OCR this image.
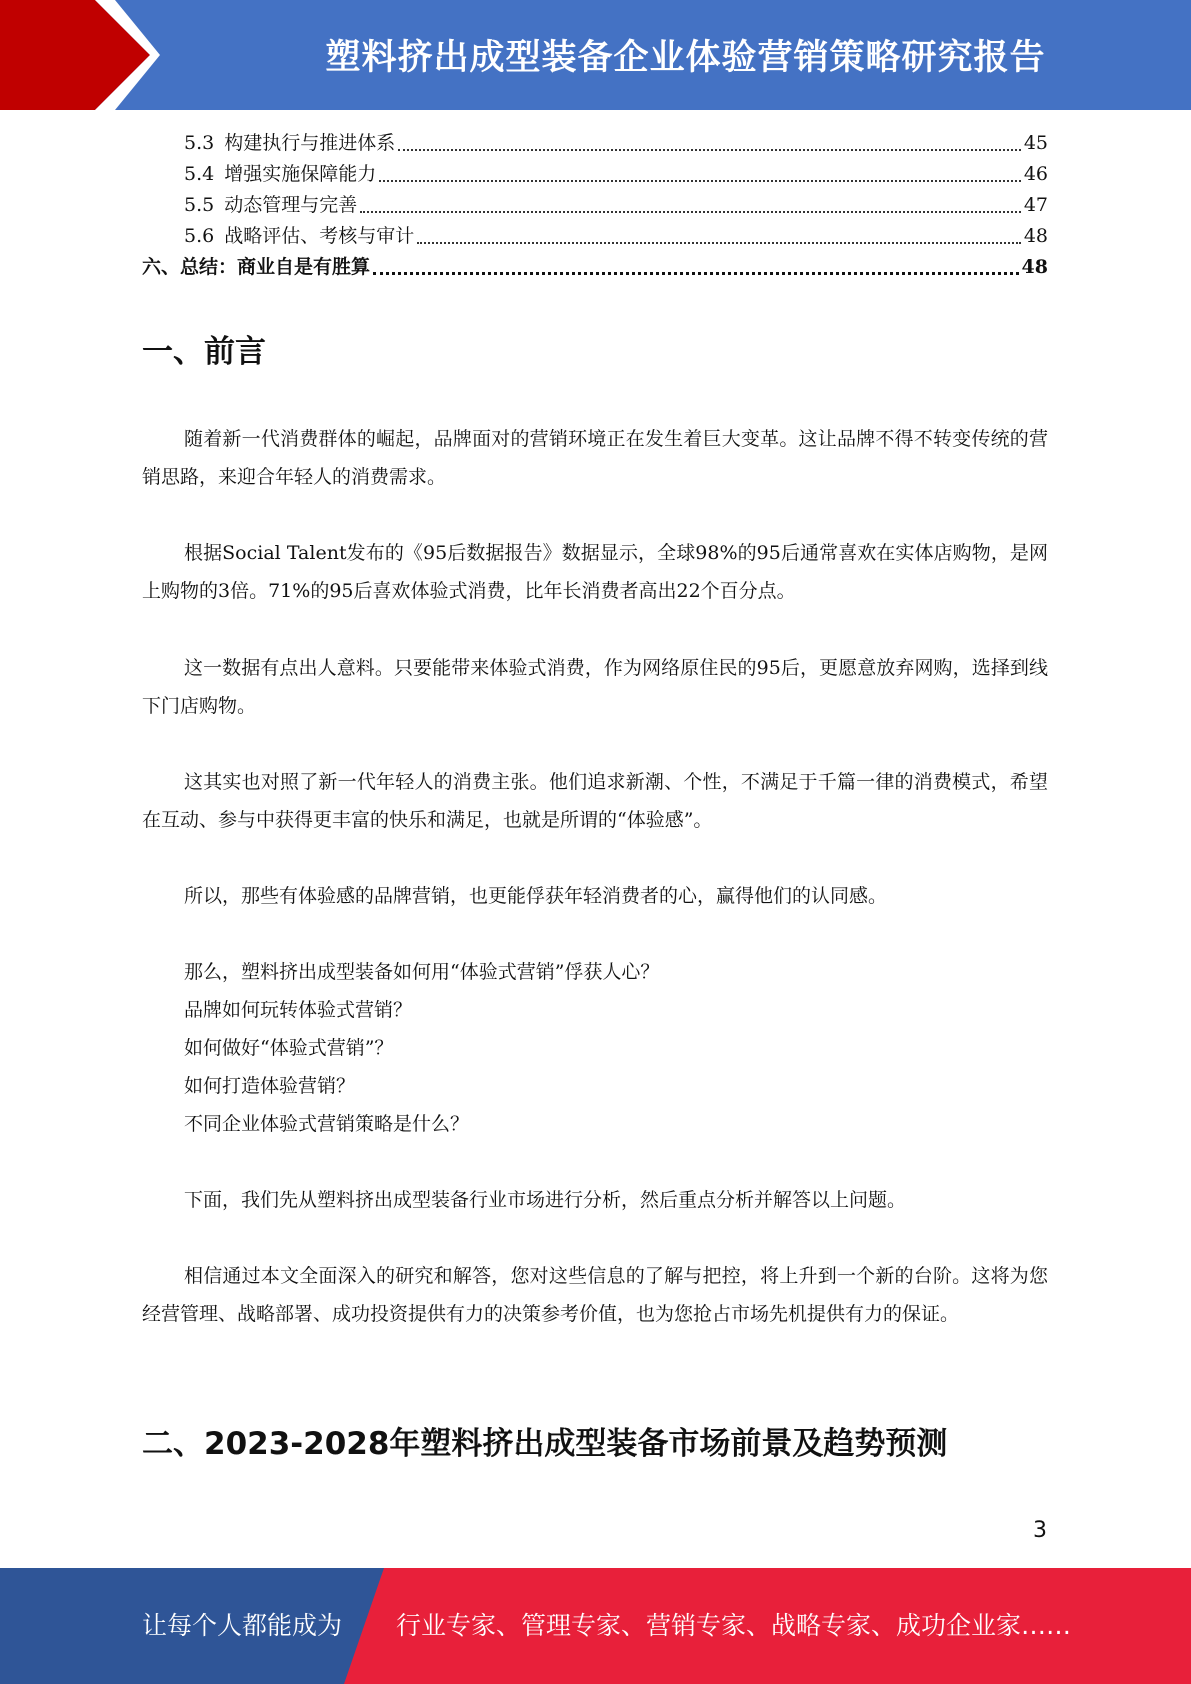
塑料挤出成型装备企业体验营销策略研究报告
5.3 构建执行与推进体系	45
5.4 增强实施保障能力	46
5.5 动态管理与完善	47
5.6 战略评估、考核与审计	48
六、总结：商业自是有胜算	48
一、前言

随着新一代消费群体的崛起，品牌面对的营销环境正在发生着巨大变革。这让品牌不得不转变传统的营销思路，来迎合年轻人的消费需求。

根据Social Talent发布的《95后数据报告》数据显示，全球98%的95后通常喜欢在实体店购物，是网上购物的3倍。71%的95后喜欢体验式消费，比年长消费者高出22个百分点。

这一数据有点出人意料。只要能带来体验式消费，作为网络原住民的95后，更愿意放弃网购，选择到线下门店购物。

这其实也对照了新一代年轻人的消费主张。他们追求新潮、个性，不满足于千篇一律的消费模式，希望在互动、参与中获得更丰富的快乐和满足，也就是所谓的“体验感”。

所以，那些有体验感的品牌营销，也更能俘获年轻消费者的心，赢得他们的认同感。

那么，塑料挤出成型装备如何用“体验式营销”俘获人心？

品牌如何玩转体验式营销？

如何做好“体验式营销”？

如何打造体验营销？

不同企业体验式营销策略是什么？

下面，我们先从塑料挤出成型装备行业市场进行分析，然后重点分析并解答以上问题。

相信通过本文全面深入的研究和解答，您对这些信息的了解与把控，将上升到一个新的台阶。这将为您经营管理、战略部署、成功投资提供有力的决策参考价值，也为您抢占市场先机提供有力的保证。

二、2023-2028年塑料挤出成型装备市场前景及趋势预测
3
让每个人都能成为 行业专家、管理专家、营销专家、战略专家、成功企业家……
